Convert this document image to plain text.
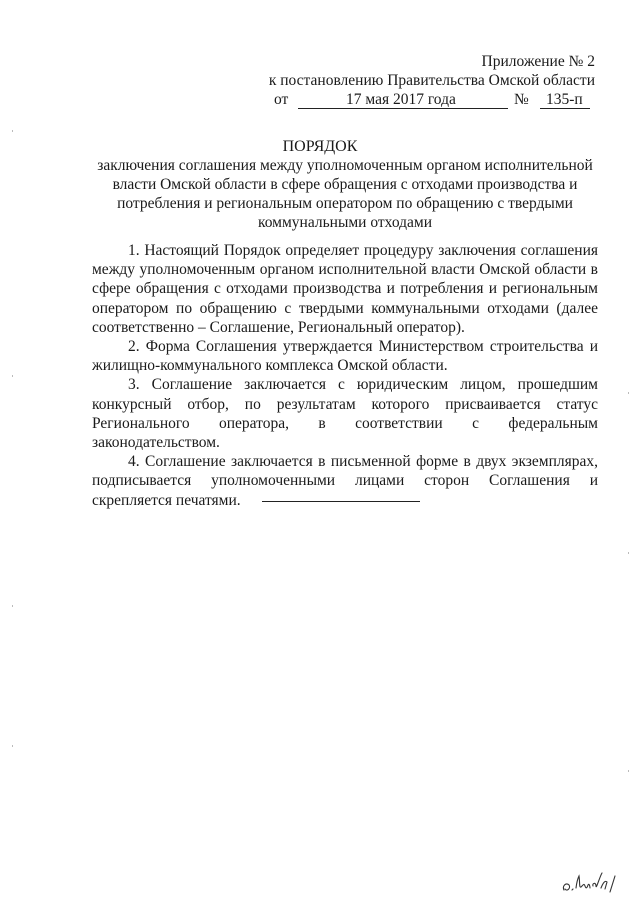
Приложение № 2
к постановлению Правительства Омской области
от	17 мая 2017 года	№ 135-п
ПОРЯДОК
заключения соглашения между уполномоченным органом исполнительной власти Омской области в сфере обращения с отходами производства и потребления и региональным оператором по обращению с твердыми коммунальными отходами

1. Настоящий Порядок определяет процедуру заключения соглашения между уполномоченным органом исполнительной власти Омской области в сфере обращения с отходами производства и потребления и региональным оператором по обращению с твердыми коммунальными отходами (далее соответственно – Соглашение, Региональный оператор).

2. Форма Соглашения утверждается Министерством строительства и жилищно-коммунального комплекса Омской области.

3. Соглашение заключается с юридическим лицом, прошедшим конкурсный отбор, по результатам которого присваивается статус Регионального оператора, в соответствии с федеральным законодательством.

4. Соглашение заключается в письменной форме в двух экземплярах, подписывается уполномоченными лицами сторон Соглашения и скрепляется печатями.
